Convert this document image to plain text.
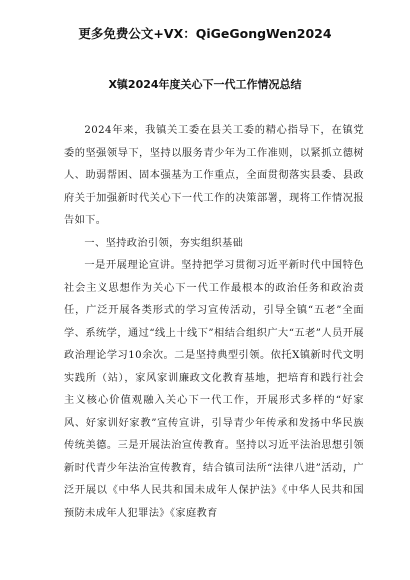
更多免费公文+VX：QiGeGongWen2024
X镇2024年度关心下一代工作情况总结

2024年来，我镇关工委在县关工委的精心指导下，在镇党委的坚强领导下，坚持以服务青少年为工作准则，以紧抓立德树人、助弱帮困、固本强基为工作重点，全面贯彻落实县委、县政府关于加强新时代关心下一代工作的决策部署，现将工作情况报告如下。

一、坚持政治引领，夯实组织基础

一是开展理论宣讲。坚持把学习贯彻习近平新时代中国特色社会主义思想作为关心下一代工作最根本的政治任务和政治责任，广泛开展各类形式的学习宣传活动，引导全镇“五老”全面学、系统学，通过“线上十线下”相结合组织广大“五老”人员开展政治理论学习10余次。二是坚持典型引领。依托X镇新时代文明实践所（站），家风家训廉政文化教育基地，把培育和践行社会主义核心价值观融入关心下一代工作，开展形式多样的“好家风、好家训好家教”宣传宣讲，引导青少年传承和发扬中华民族传统美德。三是开展法治宣传教育。坚持以习近平法治思想引领新时代青少年法治宣传教育，结合镇司法所“法律八进”活动，广泛开展以《中华人民共和国未成年人保护法》《中华人民共和国预防未成年人犯罪法》《家庭教育
